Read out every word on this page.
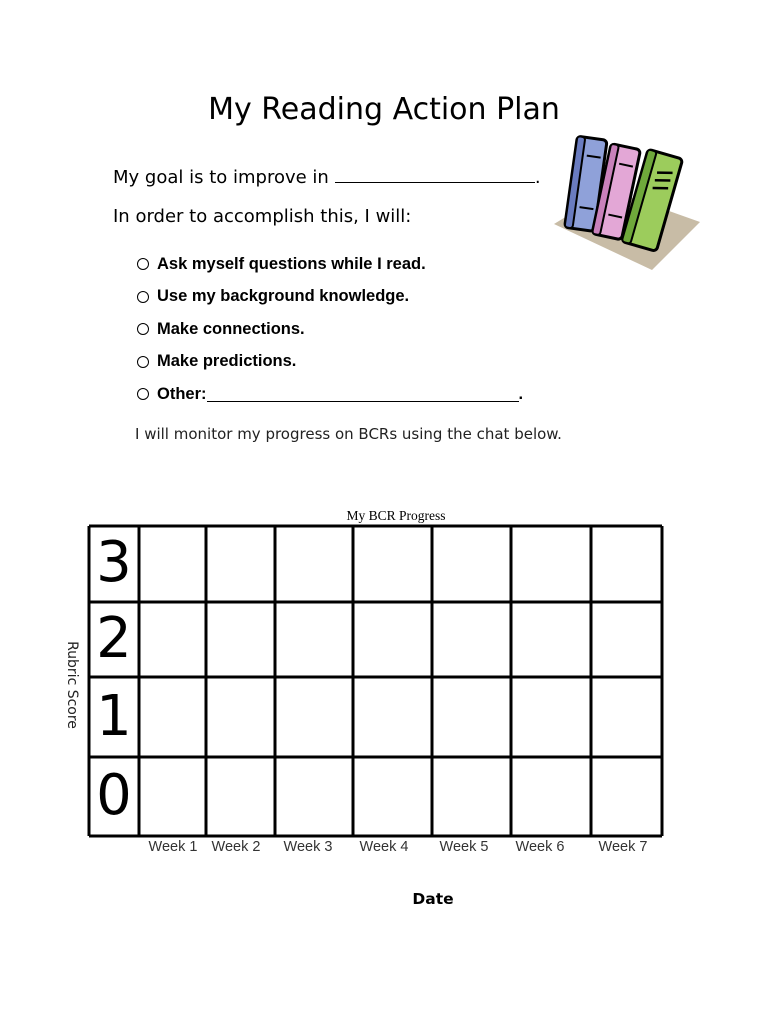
My Reading Action Plan
My goal is to improve in	.
In order to accomplish this, I will:
Ask myself questions while I read.
Use my background knowledge.
Make connections.
Make predictions.
Other:	.
I will monitor my progress on BCRs using the chat below.
My BCR Progress
Rubric Score
3
2
1
0
Week 1 Week 2 Week 3 Week 4 Week 5 Week 6 Week 7
Date
